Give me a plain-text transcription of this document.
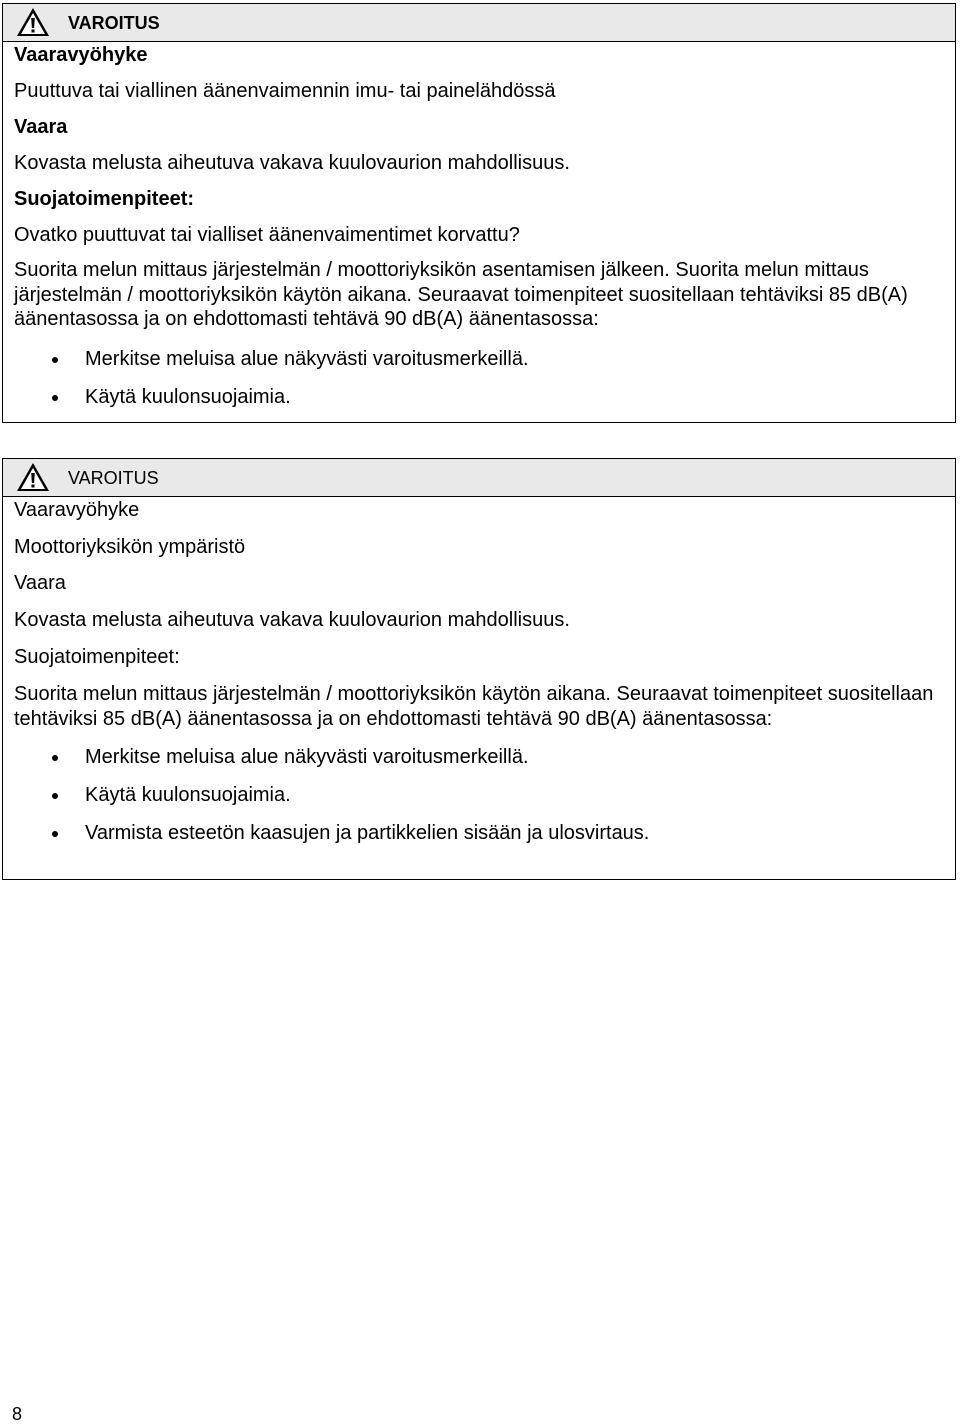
VAROITUS

Vaaravyöhyke

Puuttuva tai viallinen äänenvaimennin imu- tai painelähdössä

Vaara

Kovasta melusta aiheutuva vakava kuulovaurion mahdollisuus.

Suojatoimenpiteet:

Ovatko puuttuvat tai vialliset äänenvaimentimet korvattu?

Suorita melun mittaus järjestelmän / moottoriyksikön asentamisen jälkeen. Suorita melun mittaus järjestelmän / moottoriyksikön käytön aikana. Seuraavat toimenpiteet suositellaan tehtäviksi 85 dB(A) äänentasossa ja on ehdottomasti tehtävä 90 dB(A) äänentasossa:

Merkitse meluisa alue näkyvästi varoitusmerkeillä.
Käytä kuulonsuojaimia.
VAROITUS

Vaaravyöhyke

Moottoriyksikön ympäristö

Vaara

Kovasta melusta aiheutuva vakava kuulovaurion mahdollisuus.

Suojatoimenpiteet:

Suorita melun mittaus järjestelmän / moottoriyksikön käytön aikana. Seuraavat toimenpiteet suositellaan tehtäviksi 85 dB(A) äänentasossa ja on ehdottomasti tehtävä 90 dB(A) äänentasossa:

Merkitse meluisa alue näkyvästi varoitusmerkeillä.
Käytä kuulonsuojaimia.
Varmista esteetön kaasujen ja partikkelien sisään ja ulosvirtaus.
8
